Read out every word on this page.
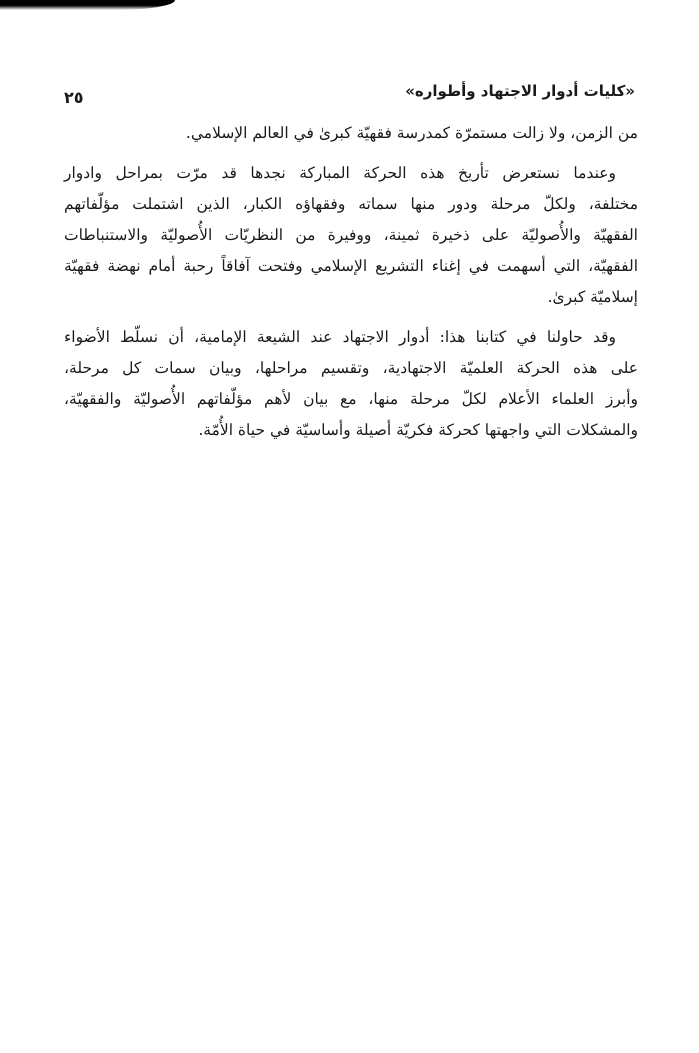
«كليات أدوار الاجتهاد وأطواره»
٢٥
من الزمن، ولا زالت مستمرّة كمدرسة فقهيّة كبرىٰ في العالم الإسلامي.
وعندما نستعرض تأريخ هذه الحركة المباركة نجدها قد مرّت بمراحل وادوار
مختلفة، ولكلّ مرحلة ودور منها سماته وفقهاؤه الكبار، الذين اشتملت مؤلّفاتهم
الفقهيّة والأُصوليّة على ذخيرة ثمينة، ووفيرة من النظريّات الأُصوليّة والاستنباطات
الفقهيّة، التي أسهمت في إغناء التشريع الإسلامي وفتحت آفاقاً رحبة أمام نهضة فقهيّة
إسلاميّة كبرىٰ.
وقد حاولنا في كتابنا هذا: أدوار الاجتهاد عند الشيعة الإمامية، أن نسلّط الأضواء
على هذه الحركة العلميّة الاجتهادية، وتقسيم مراحلها، وبيان سمات كل مرحلة،
وأبرز العلماء الأعلام لكلّ مرحلة منها، مع بيان لأهم مؤلّفاتهم الأُصوليّة والفقهيّة،
والمشكلات التي واجهتها كحركة فكريّة أصيلة وأساسيّة في حياة الأُمّة.
